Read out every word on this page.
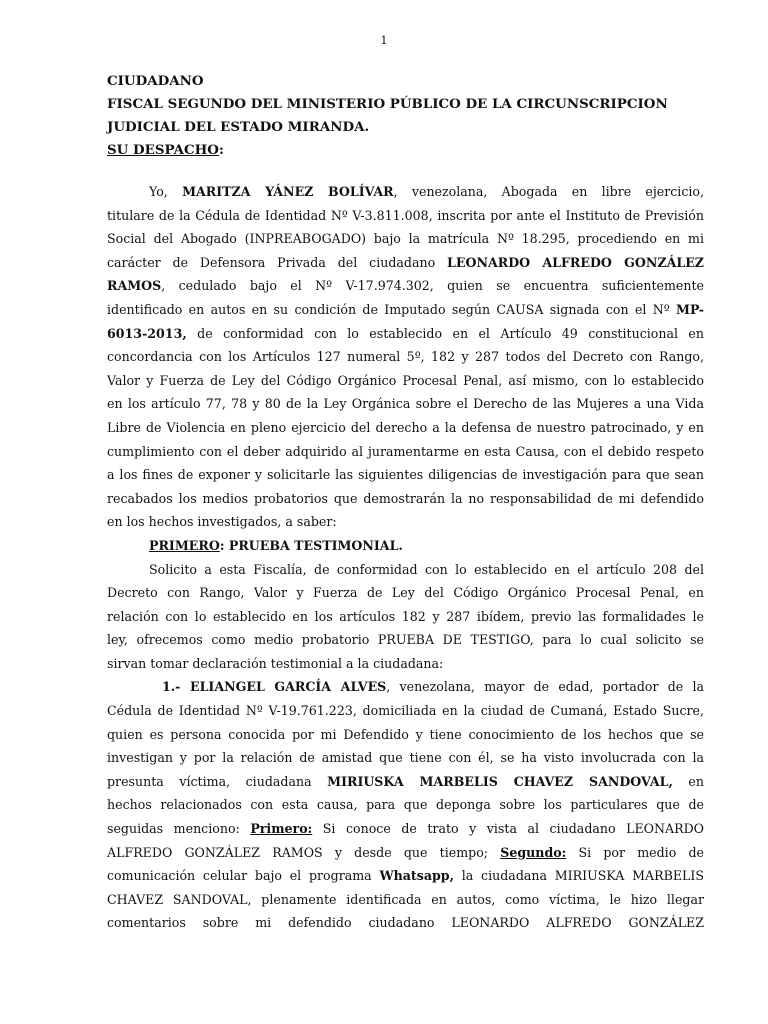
1
CIUDADANO
FISCAL SEGUNDO DEL MINISTERIO PÚBLICO DE LA CIRCUNSCRIPCION
JUDICIAL DEL ESTADO MIRANDA.
SU DESPACHO:
Yo, MARITZA YÁNEZ BOLÍVAR, venezolana, Abogada en libre ejercicio,
titulare de la Cédula de Identidad Nº V-3.811.008, inscrita por ante el Instituto de Previsión
Social del Abogado (INPREABOGADO) bajo la matrícula Nº 18.295, procediendo en mi
carácter de Defensora Privada del ciudadano LEONARDO ALFREDO GONZÁLEZ
RAMOS, cedulado bajo el Nº V-17.974.302, quien se encuentra suficientemente
identificado en autos en su condición de Imputado según CAUSA signada con el Nº MP-
6013-2013, de conformidad con lo establecido en el Artículo 49 constitucional en
concordancia con los Artículos 127 numeral 5º, 182 y 287 todos del Decreto con Rango,
Valor y Fuerza de Ley del Código Orgánico Procesal Penal, así mismo, con lo establecido
en los artículo 77, 78 y 80 de la Ley Orgánica sobre el Derecho de las Mujeres a una Vida
Libre de Violencia en pleno ejercicio del derecho a la defensa de nuestro patrocinado, y en
cumplimiento con el deber adquirido al juramentarme en esta Causa, con el debido respeto
a los fines de exponer y solicitarle las siguientes diligencias de investigación para que sean
recabados los medios probatorios que demostrarán la no responsabilidad de mi defendido
en los hechos investigados, a saber:
PRIMERO: PRUEBA TESTIMONIAL.
Solicito a esta Fiscalía, de conformidad con lo establecido en el artículo 208 del
Decreto con Rango, Valor y Fuerza de Ley del Código Orgánico Procesal Penal, en
relación con lo establecido en los artículos 182 y 287 ibídem, previo las formalidades le
ley, ofrecemos como medio probatorio PRUEBA DE TESTIGO, para lo cual solicito se
sirvan tomar declaración testimonial a la ciudadana:
1.- ELIANGEL GARCÍA ALVES, venezolana, mayor de edad, portador de la
Cédula de Identidad Nº V-19.761.223, domiciliada en la ciudad de Cumaná, Estado Sucre,
quien es persona conocida por mi Defendido y tiene conocimiento de los hechos que se
investigan y por la relación de amistad que tiene con él, se ha visto involucrada con la
presunta víctima, ciudadana MIRIUSKA MARBELIS CHAVEZ SANDOVAL, en
hechos relacionados con esta causa, para que deponga sobre los particulares que de
seguidas menciono: Primero: Si conoce de trato y vista al ciudadano LEONARDO
ALFREDO GONZÁLEZ RAMOS y desde que tiempo; Segundo: Si por medio de
comunicación celular bajo el programa Whatsapp, la ciudadana MIRIUSKA MARBELIS
CHAVEZ SANDOVAL, plenamente identificada en autos, como víctima, le hizo llegar
comentarios sobre mi defendido ciudadano LEONARDO ALFREDO GONZÁLEZ
